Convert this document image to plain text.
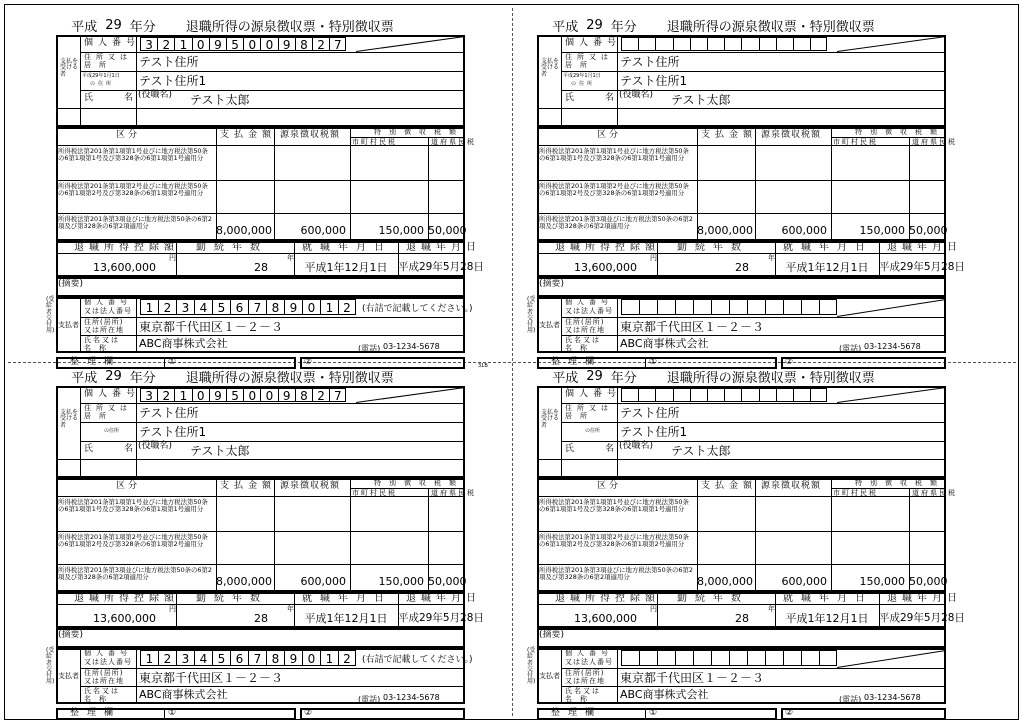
平成 29 年分 退職所得の源泉徴収票・特別徴収票
支払を受ける者
個人番号 3 2 1 0 9 5 0 0 9 8 2 7
住所又は
居所 テスト住所
平成29年1月1日
の住所 テスト住所1
氏	名 (役職名) テスト太郎
区分	支払金額 源泉徴収税額	特別徴収税額
市町村民税	道府県民税
所得税法第201条第1項第1号並びに地方税法第50条の6第1項第1号及び第328条の6第1項第1号適用分
所得税法第201条第1項第2号並びに地方税法第50条の6第1項第2号及び第328条の6第1項第2号適用分
所得税法第201条第3項並びに地方税法第50条の6第2項及び第328条の6第2項適用分	8,000,000	600,000	150,000 50,000
退職所得控除額 勤続年数	就職年月日 退職年月日
円	年
13,600,000	28	平成1年12月1日	平成29年5月28日
(摘要)
(受給者交付用)
支払者
個人番号
又は法人番号	1 2 3 4 5 6 7 8 9 0 1 2	(右詰で記載してください。)
住所(居所)
又は所在地 東京都千代田区１－２－３
氏名又は
名称 ABC商事株式会社	(電話) 03-1234-5678
整理欄	①	②	31B
平成 29 年分 退職所得の源泉徴収票・特別徴収票
支払を受ける者
個人番号
住所又は
居所 テスト住所
平成29年1月1日
の住所 テスト住所1
氏	名 (役職名) テスト太郎
区分	支払金額 源泉徴収税額	特別徴収税額
市町村民税	道府県民税
所得税法第201条第1項第1号並びに地方税法第50条の6第1項第1号及び第328条の6第1項第1号適用分
所得税法第201条第1項第2号並びに地方税法第50条の6第1項第2号及び第328条の6第1項第2号適用分
所得税法第201条第3項並びに地方税法第50条の6第2項及び第328条の6第2項適用分	8,000,000	600,000	150,000 50,000
退職所得控除額 勤続年数	就職年月日 退職年月日
円	年
13,600,000	28	平成1年12月1日	平成29年5月28日
(摘要)
(受給者交付用)
支払者
個人番号
又は法人番号
住所(居所)
又は所在地 東京都千代田区１－２－３
氏名又は
名称 ABC商事株式会社	(電話) 03-1234-5678
整理欄	①	②
平成 29 年分 退職所得の源泉徴収票・特別徴収票
支払を受ける者
個人番号 3 2 1 0 9 5 0 0 9 8 2 7
住所又は
居所 テスト住所
の住所 テスト住所1
氏	名 (役職名) テスト太郎
区分	支払金額 源泉徴収税額	特別徴収税額
市町村民税	道府県民税
所得税法第201条第1項第1号並びに地方税法第50条の6第1項第1号及び第328条の6第1項第1号適用分
所得税法第201条第1項第2号並びに地方税法第50条の6第1項第2号及び第328条の6第1項第2号適用分
所得税法第201条第3項並びに地方税法第50条の6第2項及び第328条の6第2項適用分	8,000,000	600,000	150,000 50,000
退職所得控除額 勤続年数	就職年月日 退職年月日
円	年
13,600,000	28	平成1年12月1日	平成29年5月28日
(摘要)
(受給者交付用)
支払者
個人番号
又は法人番号	1 2 3 4 5 6 7 8 9 0 1 2	(右詰で記載してください。)
住所(居所)
又は所在地 東京都千代田区１－２－３
氏名又は
名称 ABC商事株式会社	(電話) 03-1234-5678
整理欄	①	②
平成 29 年分 退職所得の源泉徴収票・特別徴収票
支払を受ける者
個人番号
住所又は
居所 テスト住所
の住所 テスト住所1
氏	名 (役職名) テスト太郎
区分	支払金額 源泉徴収税額	特別徴収税額
市町村民税	道府県民税
所得税法第201条第1項第1号並びに地方税法第50条の6第1項第1号及び第328条の6第1項第1号適用分
所得税法第201条第1項第2号並びに地方税法第50条の6第1項第2号及び第328条の6第1項第2号適用分
所得税法第201条第3項並びに地方税法第50条の6第2項及び第328条の6第2項適用分	8,000,000	600,000	150,000 50,000
退職所得控除額 勤続年数	就職年月日 退職年月日
円	年
13,600,000	28	平成1年12月1日	平成29年5月28日
(摘要)
(受給者交付用)
支払者
個人番号
又は法人番号
住所(居所)
又は所在地 東京都千代田区１－２－３
氏名又は
名称 ABC商事株式会社	(電話) 03-1234-5678
整理欄	①	②
